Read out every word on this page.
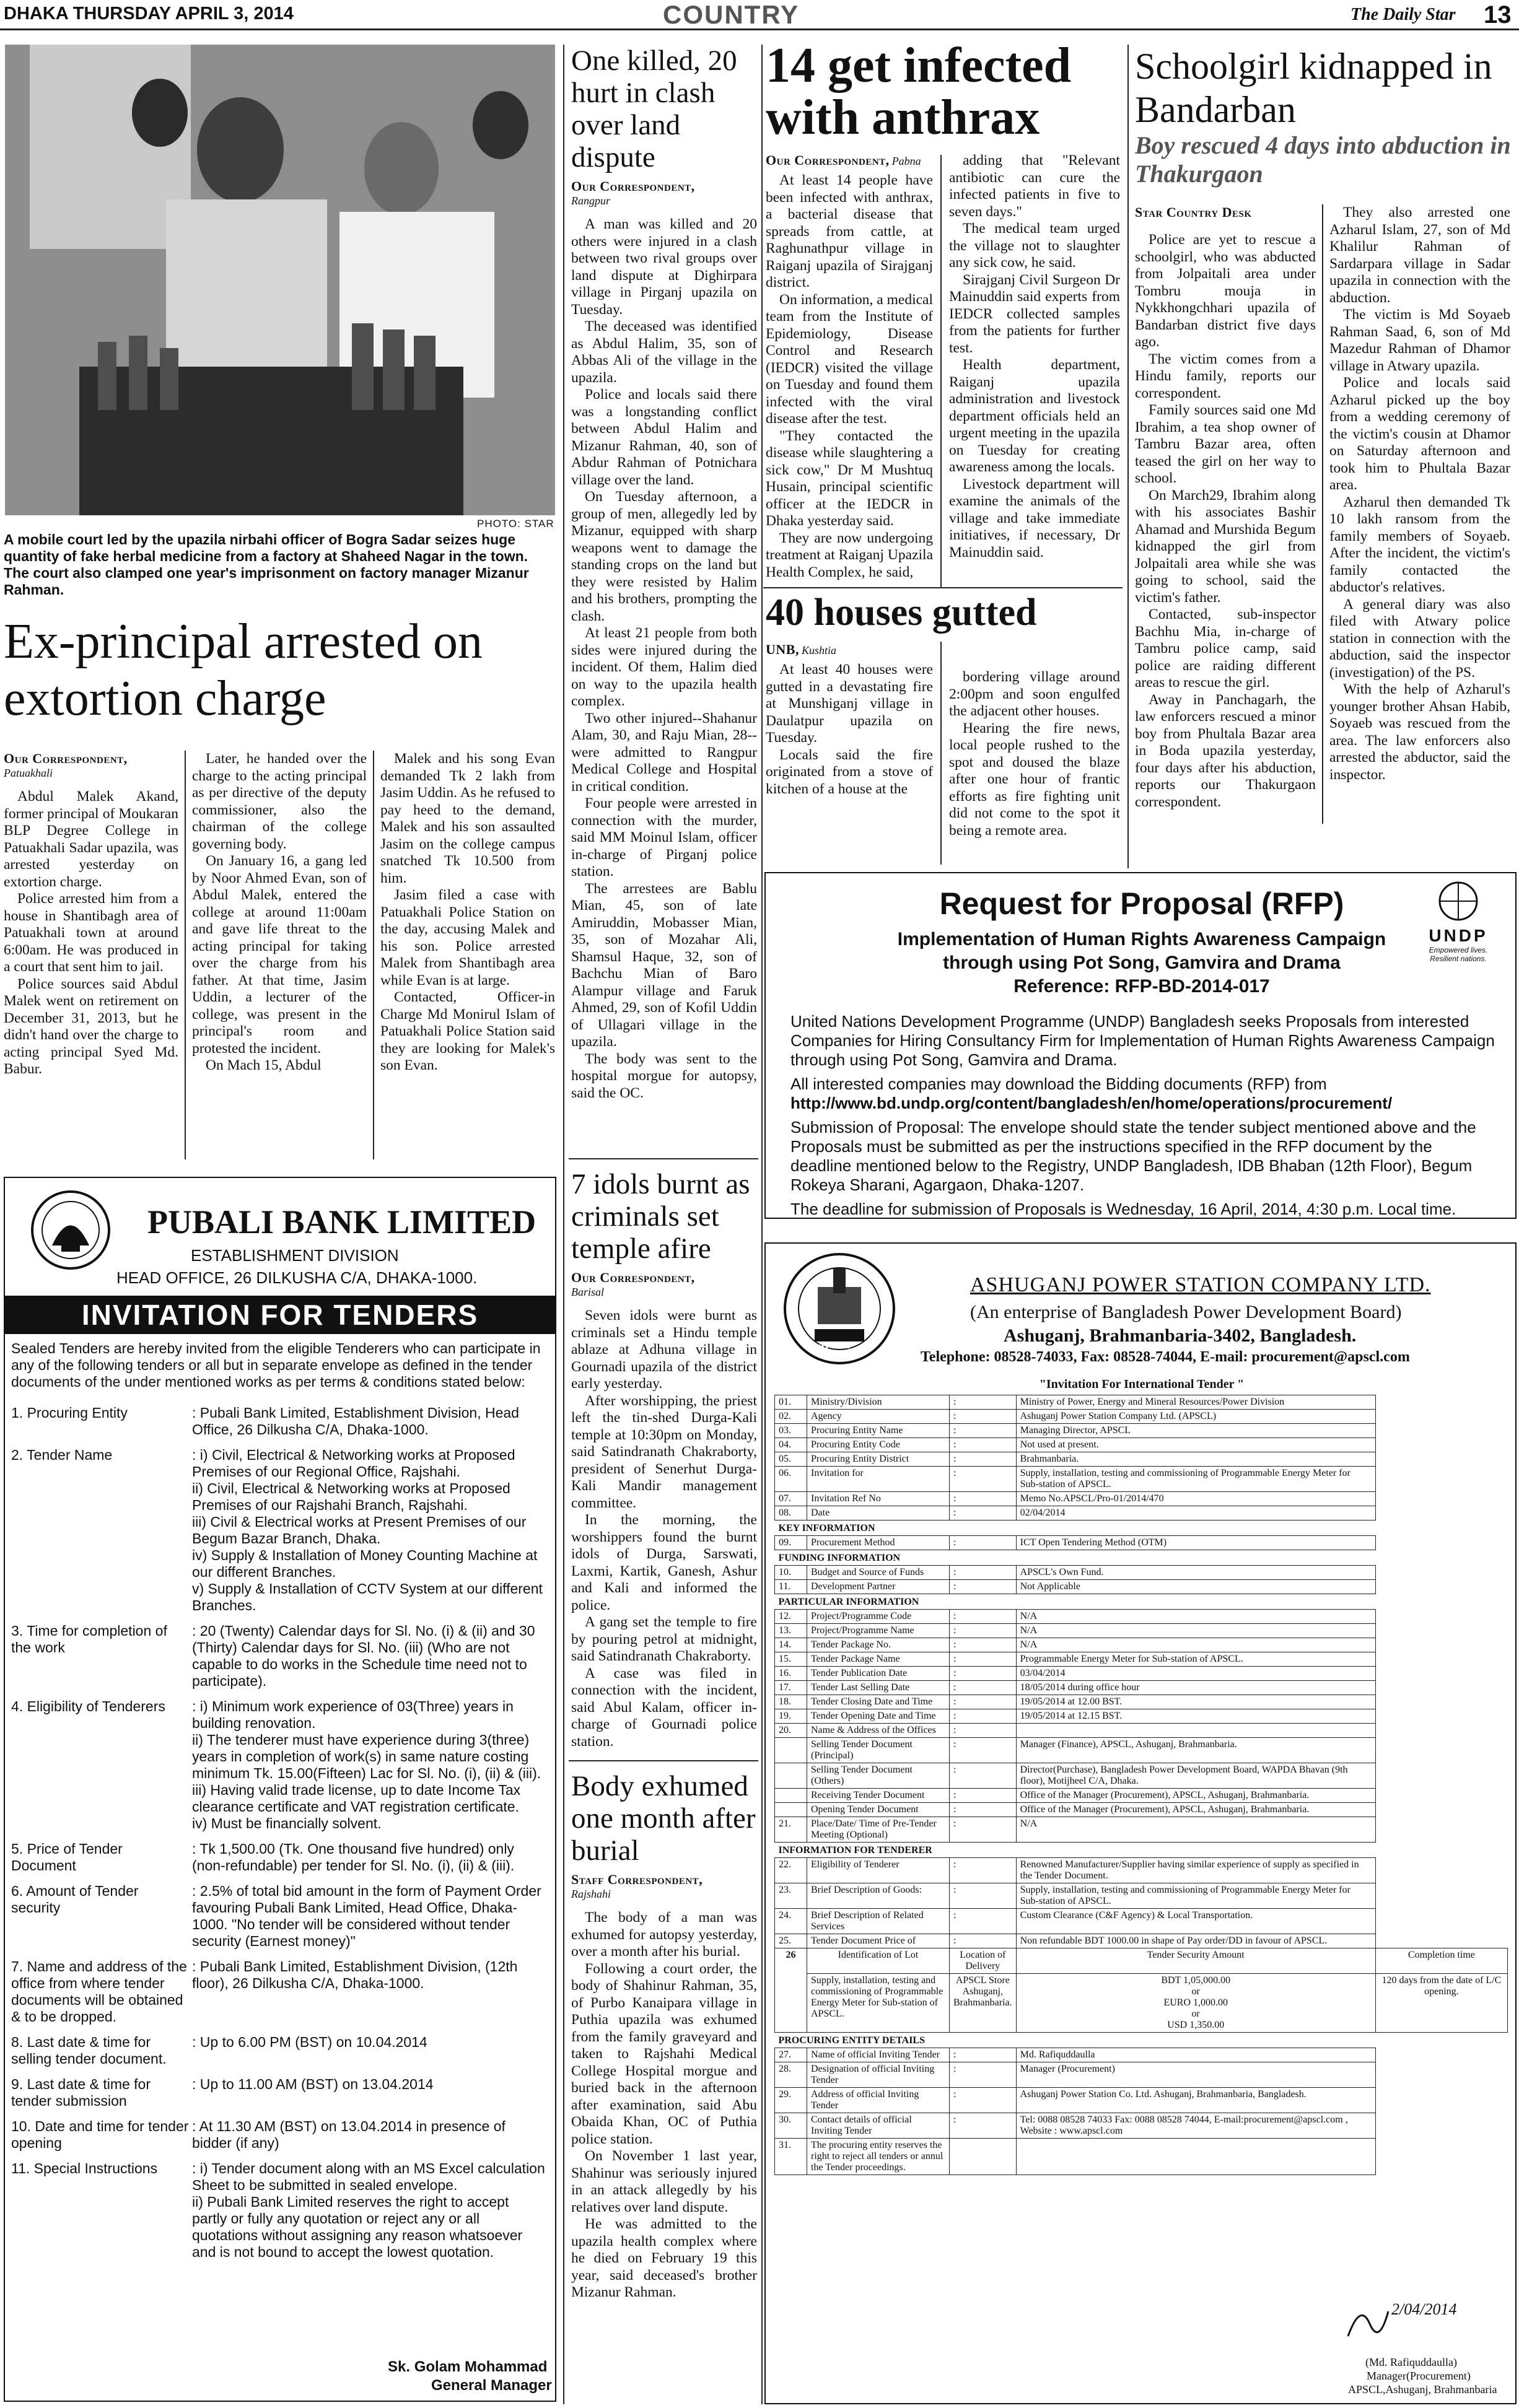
DHAKA THURSDAY APRIL 3, 2014	COUNTRY	The Daily Star 13
PHOTO: STAR
A mobile court led by the upazila nirbahi officer of Bogra Sadar seizes huge quantity of fake herbal medicine from a factory at Shaheed Nagar in the town. The court also clamped one year's imprisonment on factory manager Mizanur Rahman.
Ex-principal arrested on extortion charge
Our Correspondent,
Patuakhali

Abdul Malek Akand, former principal of Moukaran BLP Degree College in Patuakhali Sadar upazila, was arrested yesterday on extortion charge.

Police arrested him from a house in Shantibagh area of Patuakhali town at around 6:00am. He was produced in a court that sent him to jail.

Police sources said Abdul Malek went on retirement on December 31, 2013, but he didn't hand over the charge to acting principal Syed Md. Babur.

Later, he handed over the charge to the acting principal as per directive of the deputy commissioner, also the chairman of the college governing body.

On January 16, a gang led by Noor Ahmed Evan, son of Abdul Malek, entered the college at around 11:00am and gave life threat to the acting principal for taking over the charge from his father. At that time, Jasim Uddin, a lecturer of the college, was present in the principal's room and protested the incident.

On Mach 15, Abdul

Malek and his song Evan demanded Tk 2 lakh from Jasim Uddin. As he refused to pay heed to the demand, Malek and his son assaulted Jasim on the college campus snatched Tk 10.500 from him.

Jasim filed a case with Patuakhali Police Station on the day, accusing Malek and his son. Police arrested Malek from Shantibagh area while Evan is at large.

Contacted, Officer-in Charge Md Monirul Islam of Patuakhali Police Station said they are looking for Malek's son Evan.

PUBALI BANK LIMITED
ESTABLISHMENT DIVISION
HEAD OFFICE, 26 DILKUSHA C/A, DHAKA-1000.
INVITATION FOR TENDERS
Sealed Tenders are hereby invited from the eligible Tenderers who can participate in any of the following tenders or all but in separate envelope as defined in the tender documents of the under mentioned works as per terms & conditions stated below:
1. Procuring Entity	: Pubali Bank Limited, Establishment Division, Head Office, 26 Dilkusha C/A, Dhaka-1000.
2. Tender Name	: i) Civil, Electrical & Networking works at Proposed Premises of our Regional Office, Rajshahi.
ii) Civil, Electrical & Networking works at Proposed Premises of our Rajshahi Branch, Rajshahi.
iii) Civil & Electrical works at Present Premises of our Begum Bazar Branch, Dhaka.
iv) Supply & Installation of Money Counting Machine at our different Branches.
v) Supply & Installation of CCTV System at our different Branches.
3. Time for completion of the work	: 20 (Twenty) Calendar days for Sl. No. (i) & (ii) and 30 (Thirty) Calendar days for Sl. No. (iii) (Who are not capable to do works in the Schedule time need not to participate).
4. Eligibility of Tenderers	: i) Minimum work experience of 03(Three) years in building renovation.
ii) The tenderer must have experience during 3(three) years in completion of work(s) in same nature costing minimum Tk. 15.00(Fifteen) Lac for Sl. No. (i), (ii) & (iii).
iii) Having valid trade license, up to date Income Tax clearance certificate and VAT registration certificate.
iv) Must be financially solvent.
5. Price of Tender Document	: Tk 1,500.00 (Tk. One thousand five hundred) only (non-refundable) per tender for Sl. No. (i), (ii) & (iii).
6. Amount of Tender security	: 2.5% of total bid amount in the form of Payment Order favouring Pubali Bank Limited, Head Office, Dhaka-1000. "No tender will be considered without tender security (Earnest money)"
7. Name and address of the office from where tender documents will be obtained & to be dropped.	: Pubali Bank Limited, Establishment Division, (12th floor), 26 Dilkusha C/A, Dhaka-1000.
8. Last date & time for selling tender document.	: Up to 6.00 PM (BST) on 10.04.2014
9. Last date & time for tender submission	: Up to 11.00 AM (BST) on 13.04.2014
10. Date and time for tender opening	: At 11.30 AM (BST) on 13.04.2014 in presence of bidder (if any)
11. Special Instructions	: i) Tender document along with an MS Excel calculation Sheet to be submitted in sealed envelope.
ii) Pubali Bank Limited reserves the right to accept partly or fully any quotation or reject any or all quotations without assigning any reason whatsoever and is not bound to accept the lowest quotation.
Sk. Golam Mohammad
General Manager
One killed, 20 hurt in clash over land dispute
Our Correspondent,
Rangpur

A man was killed and 20 others were injured in a clash between two rival groups over land dispute at Dighirpara village in Pirganj upazila on Tuesday.

The deceased was identified as Abdul Halim, 35, son of Abbas Ali of the village in the upazila.

Police and locals said there was a longstanding conflict between Abdul Halim and Mizanur Rahman, 40, son of Abdur Rahman of Potnichara village over the land.

On Tuesday afternoon, a group of men, allegedly led by Mizanur, equipped with sharp weapons went to damage the standing crops on the land but they were resisted by Halim and his brothers, prompting the clash.

At least 21 people from both sides were injured during the incident. Of them, Halim died on way to the upazila health complex.

Two other injured--Shahanur Alam, 30, and Raju Mian, 28--were admitted to Rangpur Medical College and Hospital in critical condition.

Four people were arrested in connection with the murder, said MM Moinul Islam, officer in-charge of Pirganj police station.

The arrestees are Bablu Mian, 45, son of late Amiruddin, Mobasser Mian, 35, son of Mozahar Ali, Shamsul Haque, 32, son of Bachchu Mian of Baro Alampur village and Faruk Ahmed, 29, son of Kofil Uddin of Ullagari village in the upazila.

The body was sent to the hospital morgue for autopsy, said the OC.

7 idols burnt as criminals set temple afire
Our Correspondent,
Barisal

Seven idols were burnt as criminals set a Hindu temple ablaze at Adhuna village in Gournadi upazila of the district early yesterday.

After worshipping, the priest left the tin-shed Durga-Kali temple at 10:30pm on Monday, said Satindranath Chakraborty, president of Senerhut Durga-Kali Mandir management committee.

In the morning, the worshippers found the burnt idols of Durga, Sarswati, Laxmi, Kartik, Ganesh, Ashur and Kali and informed the police.

A gang set the temple to fire by pouring petrol at midnight, said Satindranath Chakraborty.

A case was filed in connection with the incident, said Abul Kalam, officer in-charge of Gournadi police station.

Body exhumed one month after burial
Staff Correspondent,
Rajshahi

The body of a man was exhumed for autopsy yesterday, over a month after his burial.

Following a court order, the body of Shahinur Rahman, 35, of Purbo Kanaipara village in Puthia upazila was exhumed from the family graveyard and taken to Rajshahi Medical College Hospital morgue and buried back in the afternoon after examination, said Abu Obaida Khan, OC of Puthia police station.

On November 1 last year, Shahinur was seriously injured in an attack allegedly by his relatives over land dispute.

He was admitted to the upazila health complex where he died on February 19 this year, said deceased's brother Mizanur Rahman.

14 get infected with anthrax
Our Correspondent, Pabna

At least 14 people have been infected with anthrax, a bacterial disease that spreads from cattle, at Raghunathpur village in Raiganj upazila of Sirajganj district.

On information, a medical team from the Institute of Epidemiology, Disease Control and Research (IEDCR) visited the village on Tuesday and found them infected with the viral disease after the test.

"They contacted the disease while slaughtering a sick cow," Dr M Mushtuq Husain, principal scientific officer at the IEDCR in Dhaka yesterday said.

They are now undergoing treatment at Raiganj Upazila Health Complex, he said,

adding that "Relevant antibiotic can cure the infected patients in five to seven days."

The medical team urged the village not to slaughter any sick cow, he said.

Sirajganj Civil Surgeon Dr Mainuddin said experts from IEDCR collected samples from the patients for further test.

Health department, Raiganj upazila administration and livestock department officials held an urgent meeting in the upazila on Tuesday for creating awareness among the locals.

Livestock department will examine the animals of the village and take immediate initiatives, if necessary, Dr Mainuddin said.

40 houses gutted
UNB, Kushtia

At least 40 houses were gutted in a devastating fire at Munshiganj village in Daulatpur upazila on Tuesday.

Locals said the fire originated from a stove of kitchen of a house at the

bordering village around 2:00pm and soon engulfed the adjacent other houses.

Hearing the fire news, local people rushed to the spot and doused the blaze after one hour of frantic efforts as fire fighting unit did not come to the spot it being a remote area.

Schoolgirl kidnapped in Bandarban
Boy rescued 4 days into abduction in Thakurgaon
Star Country Desk

Police are yet to rescue a schoolgirl, who was abducted from Jolpaitali area under Tombru mouja in Nykkhongchhari upazila of Bandarban district five days ago.

The victim comes from a Hindu family, reports our correspondent.

Family sources said one Md Ibrahim, a tea shop owner of Tambru Bazar area, often teased the girl on her way to school.

On March29, Ibrahim along with his associates Bashir Ahamad and Murshida Begum kidnapped the girl from Jolpaitali area while she was going to school, said the victim's father.

Contacted, sub-inspector Bachhu Mia, in-charge of Tambru police camp, said police are raiding different areas to rescue the girl.

Away in Panchagarh, the law enforcers rescued a minor boy from Phultala Bazar area in Boda upazila yesterday, four days after his abduction, reports our Thakurgaon correspondent.

They also arrested one Azharul Islam, 27, son of Md Khalilur Rahman of Sardarpara village in Sadar upazila in connection with the abduction.

The victim is Md Soyaeb Rahman Saad, 6, son of Md Mazedur Rahman of Dhamor village in Atwary upazila.

Police and locals said Azharul picked up the boy from a wedding ceremony of the victim's cousin at Dhamor on Saturday afternoon and took him to Phultala Bazar area.

Azharul then demanded Tk 10 lakh ransom from the family members of Soyaeb. After the incident, the victim's family contacted the abductor's relatives.

A general diary was also filed with Atwary police station in connection with the abduction, said the inspector (investigation) of the PS.

With the help of Azharul's younger brother Ahsan Habib, Soyaeb was rescued from the area. The law enforcers also arrested the abductor, said the inspector.

Request for Proposal (RFP)
Implementation of Human Rights Awareness Campaign
through using Pot Song, Gamvira and Drama
Reference: RFP-BD-2014-017
UNDP
Empowered lives.
Resilient nations.
United Nations Development Programme (UNDP) Bangladesh seeks Proposals from interested Companies for Hiring Consultancy Firm for Implementation of Human Rights Awareness Campaign through using Pot Song, Gamvira and Drama.
All interested companies may download the Bidding documents (RFP) from
http://www.bd.undp.org/content/bangladesh/en/home/operations/procurement/
Submission of Proposal: The envelope should state the tender subject mentioned above and the Proposals must be submitted as per the instructions specified in the RFP document by the deadline mentioned below to the Registry, UNDP Bangladesh, IDB Bhaban (12th Floor), Begum Rokeya Sharani, Agargaon, Dhaka-1207.
The deadline for submission of Proposals is Wednesday, 16 April, 2014, 4:30 p.m. Local time.
APSCL
ASHUGANJ POWER STATION COMPANY LTD.
(An enterprise of Bangladesh Power Development Board)
Ashuganj, Brahmanbaria-3402, Bangladesh.
Telephone: 08528-74033, Fax: 08528-74044, E-mail: procurement@apscl.com
"Invitation For International Tender "
01.	Ministry/Division	:	Ministry of Power, Energy and Mineral Resources/Power Division	
02.	Agency	:	Ashuganj Power Station Company Ltd. (APSCL)	
03.	Procuring Entity Name	:	Managing Director, APSCL	
04.	Procuring Entity Code	:	Not used at present.	
05.	Procuring Entity District	:	Brahmanbaria.	
06.	Invitation for	:	Supply, installation, testing and commissioning of Programmable Energy Meter for Sub-station of APSCL.	
07.	Invitation Ref No	:	Memo No.APSCL/Pro-01/2014/470	
08.	Date	:	02/04/2014	
KEY INFORMATION				
09.	Procurement Method	:	ICT Open Tendering Method (OTM)	
FUNDING INFORMATION				
10.	Budget and Source of Funds	:	APSCL's Own Fund.	
11.	Development Partner	:	Not Applicable	
PARTICULAR INFORMATION				
12.	Project/Programme Code	:	N/A	
13.	Project/Programme Name	:	N/A	
14.	Tender Package No.	:	N/A	
15.	Tender Package Name	:	Programmable Energy Meter for Sub-station of APSCL.	
16.	Tender Publication Date	:	03/04/2014	
17.	Tender Last Selling Date	:	18/05/2014 during office hour	
18.	Tender Closing Date and Time	:	19/05/2014 at 12.00 BST.	
19.	Tender Opening Date and Time	:	19/05/2014 at 12.15 BST.	
20.	Name & Address of the Offices	:		
	Selling Tender Document (Principal)	:	Manager (Finance), APSCL, Ashuganj, Brahmanbaria.	
	Selling Tender Document (Others)	:	Director(Purchase), Bangladesh Power Development Board, WAPDA Bhavan (9th floor), Motijheel C/A, Dhaka.	
	Receiving Tender Document	:	Office of the Manager (Procurement), APSCL, Ashuganj, Brahmanbaria.	
	Opening Tender Document	:	Office of the Manager (Procurement), APSCL, Ashuganj, Brahmanbaria.	
21.	Place/Date/ Time of Pre-Tender Meeting (Optional)	:	N/A	
INFORMATION FOR TENDERER				
22.	Eligibility of Tenderer	:	Renowned Manufacturer/Supplier having similar experience of supply as specified in the Tender Document.	
23.	Brief Description of Goods:	:	Supply, installation, testing and commissioning of Programmable Energy Meter for Sub-station of APSCL.	
24.	Brief Description of Related Services	:	Custom Clearance (C&F Agency) & Local Transportation.	
25.	Tender Document Price of	:	Non refundable BDT 1000.00 in shape of Pay order/DD in favour of APSCL.	
26	Identification of Lot	Location of Delivery	Tender Security Amount	Completion time
	Supply, installation, testing and commissioning of Programmable Energy Meter for Sub-station of APSCL.	APSCL Store Ashuganj, Brahmanbaria.	BDT 1,05,000.00
or
EURO 1,000.00
or
USD 1,350.00	120 days from the date of L/C opening.
PROCURING ENTITY DETAILS				
27.	Name of official Inviting Tender	:	Md. Rafiquddaulla	
28.	Designation of official Inviting Tender	:	Manager (Procurement)	
29.	Address of official Inviting Tender	:	Ashuganj Power Station Co. Ltd. Ashuganj, Brahmanbaria, Bangladesh.	
30.	Contact details of official Inviting Tender	:	Tel: 0088 08528 74033 Fax: 0088 08528 74044, E-mail:procurement@apscl.com , Website : www.apscl.com	
31.	The procuring entity reserves the right to reject all tenders or annul the Tender proceedings.			
2/04/2014
(Md. Rafiquddaulla)
Manager(Procurement)
APSCL,Ashuganj, Brahmanbaria
